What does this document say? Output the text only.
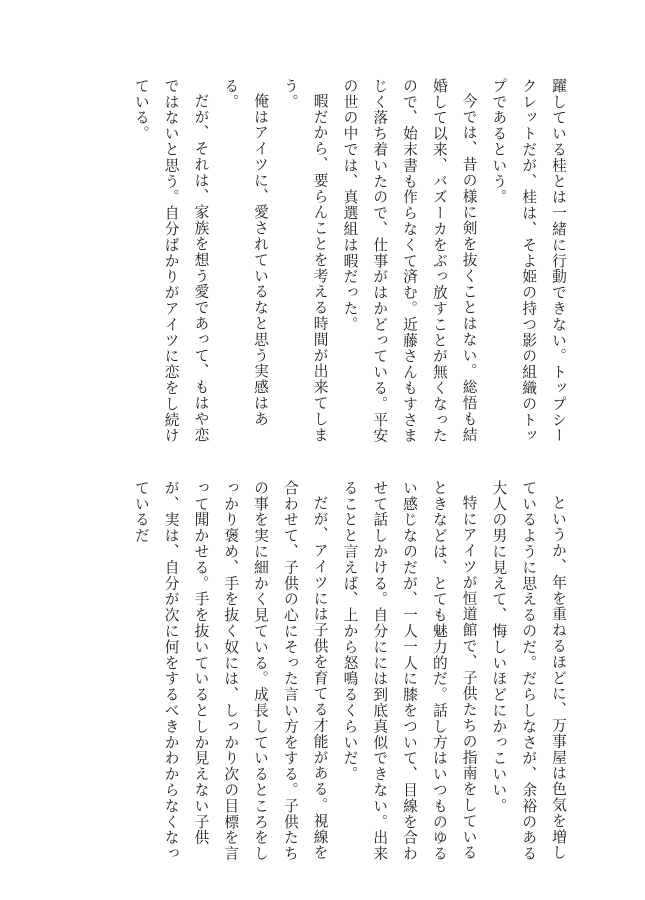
躍している桂とは一緒に行動できない。トップシークレットだが、桂は、そよ姫の持つ影の組織のトップであるという。

今では、昔の様に剣を抜くことはない。総悟も結婚して以来、バズーカをぶっ放すことが無くなったので、始末書も作らなくて済む。近藤さんもすさまじく落ち着いたので、仕事がはかどっている。平安の世の中では、真選組は暇だった。

暇だから、要らんことを考える時間が出来てしまう。

俺はアイツに、愛されているなと思う実感はある。

だが、それは、家族を想う愛であって、もはや恋ではないと思う。自分ばかりがアイツに恋をし続けている。

というか、年を重ねるほどに、万事屋は色気を増しているように思えるのだ。だらしなさが、余裕のある大人の男に見えて、悔しいほどにかっこいい。

特にアイツが恒道館で、子供たちの指南をしているときなどは、とても魅力的だ。話し方はいつものゆるい感じなのだが、一人一人に膝をついて、目線を合わせて話しかける。自分にには到底真似できない。出来ることと言えば、上から怒鳴るくらいだ。

だが、アイツには子供を育てる才能がある。視線を合わせて、子供の心にそった言い方をする。子供たちの事を実に細かく見ている。成長しているところをしっかり褒め、手を抜く奴には、しっかり次の目標を言って聞かせる。手を抜いているとしか見えない子供が、実は、自分が次に何をするべきかわからなくなっているだ
